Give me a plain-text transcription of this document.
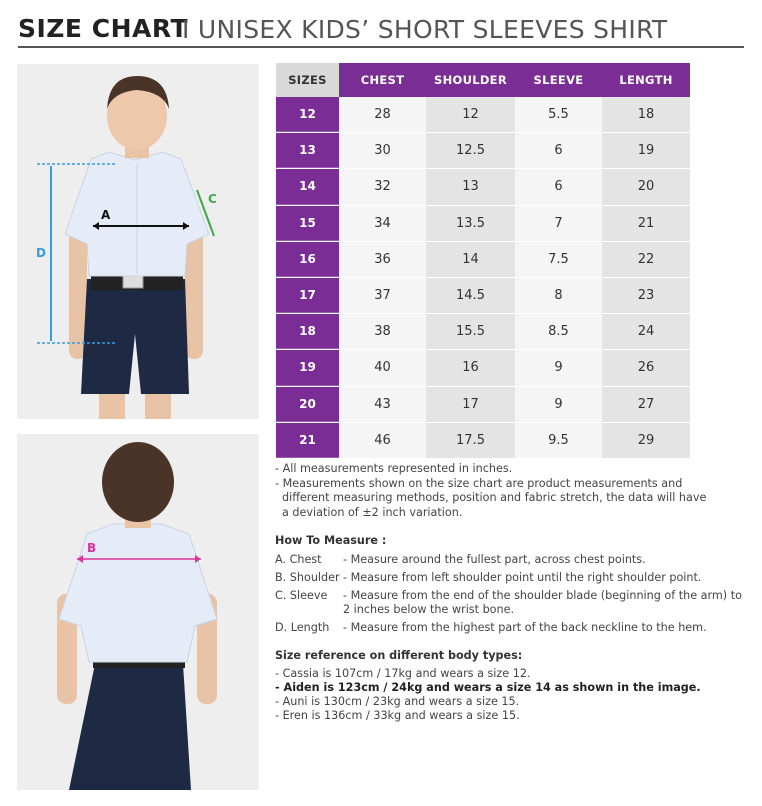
SIZE CHART
I UNISEX KIDS’ SHORT SLEEVES SHIRT
A
C
D
B
SIZES	CHEST	SHOULDER	SLEEVE	LENGTH
12	28	12	5.5	18
13	30	12.5	6	19
14	32	13	6	20
15	34	13.5	7	21
16	36	14	7.5	22
17	37	14.5	8	23
18	38	15.5	8.5	24
19	40	16	9	26
20	43	17	9	27
21	46	17.5	9.5	29
- All measurements represented in inches.
- Measurements shown on the size chart are product measurements and
different measuring methods, position and fabric stretch, the data will have
a deviation of ±2 inch variation.
How To Measure :
A. Chest	- Measure around the fullest part, across chest points.
B. Shoulder - Measure from left shoulder point until the right shoulder point.
C. Sleeve	- Measure from the end of the shoulder blade (beginning of the arm) to 2 inches below the wrist bone.
D. Length	- Measure from the highest part of the back neckline to the hem.
Size reference on different body types:
- Cassia is 107cm / 17kg and wears a size 12.
- Aiden is 123cm / 24kg and wears a size 14 as shown in the image.
- Auni is 130cm / 23kg and wears a size 15.
- Eren is 136cm / 33kg and wears a size 15.
